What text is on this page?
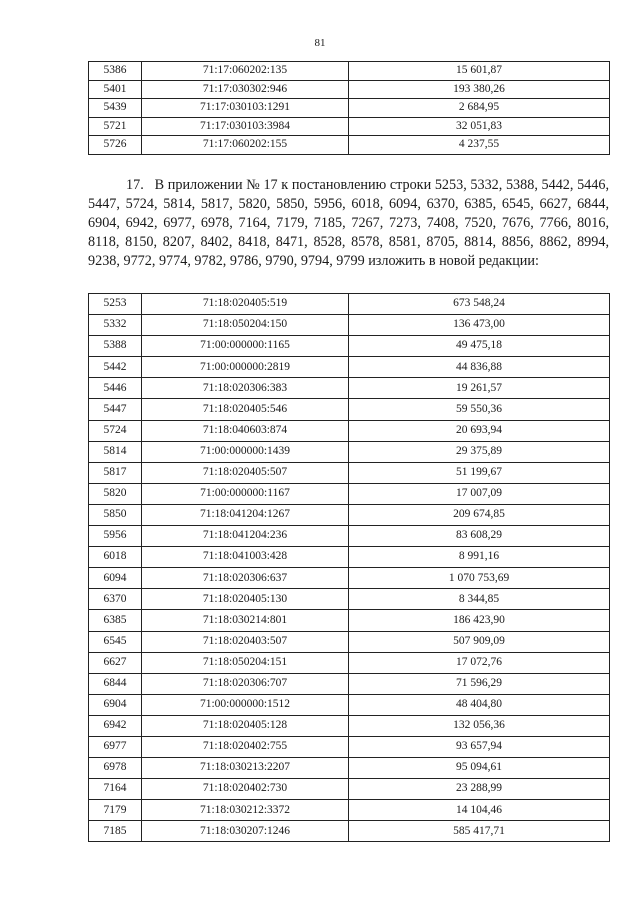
81
5386	71:17:060202:135	15 601,87
5401	71:17:030302:946	193 380,26
5439	71:17:030103:1291	2 684,95
5721	71:17:030103:3984	32 051,83
5726	71:17:060202:155	4 237,55
17. В приложении № 17 к постановлению строки 5253, 5332, 5388, 5442, 5446, 5447, 5724, 5814, 5817, 5820, 5850, 5956, 6018, 6094, 6370, 6385, 6545, 6627, 6844, 6904, 6942, 6977, 6978, 7164, 7179, 7185, 7267, 7273, 7408, 7520, 7676, 7766, 8016, 8118, 8150, 8207, 8402, 8418, 8471, 8528, 8578, 8581, 8705, 8814, 8856, 8862, 8994, 9238, 9772, 9774, 9782, 9786, 9790, 9794, 9799 изложить в новой редакции:
5253	71:18:020405:519	673 548,24
5332	71:18:050204:150	136 473,00
5388	71:00:000000:1165	49 475,18
5442	71:00:000000:2819	44 836,88
5446	71:18:020306:383	19 261,57
5447	71:18:020405:546	59 550,36
5724	71:18:040603:874	20 693,94
5814	71:00:000000:1439	29 375,89
5817	71:18:020405:507	51 199,67
5820	71:00:000000:1167	17 007,09
5850	71:18:041204:1267	209 674,85
5956	71:18:041204:236	83 608,29
6018	71:18:041003:428	8 991,16
6094	71:18:020306:637	1 070 753,69
6370	71:18:020405:130	8 344,85
6385	71:18:030214:801	186 423,90
6545	71:18:020403:507	507 909,09
6627	71:18:050204:151	17 072,76
6844	71:18:020306:707	71 596,29
6904	71:00:000000:1512	48 404,80
6942	71:18:020405:128	132 056,36
6977	71:18:020402:755	93 657,94
6978	71:18:030213:2207	95 094,61
7164	71:18:020402:730	23 288,99
7179	71:18:030212:3372	14 104,46
7185	71:18:030207:1246	585 417,71
